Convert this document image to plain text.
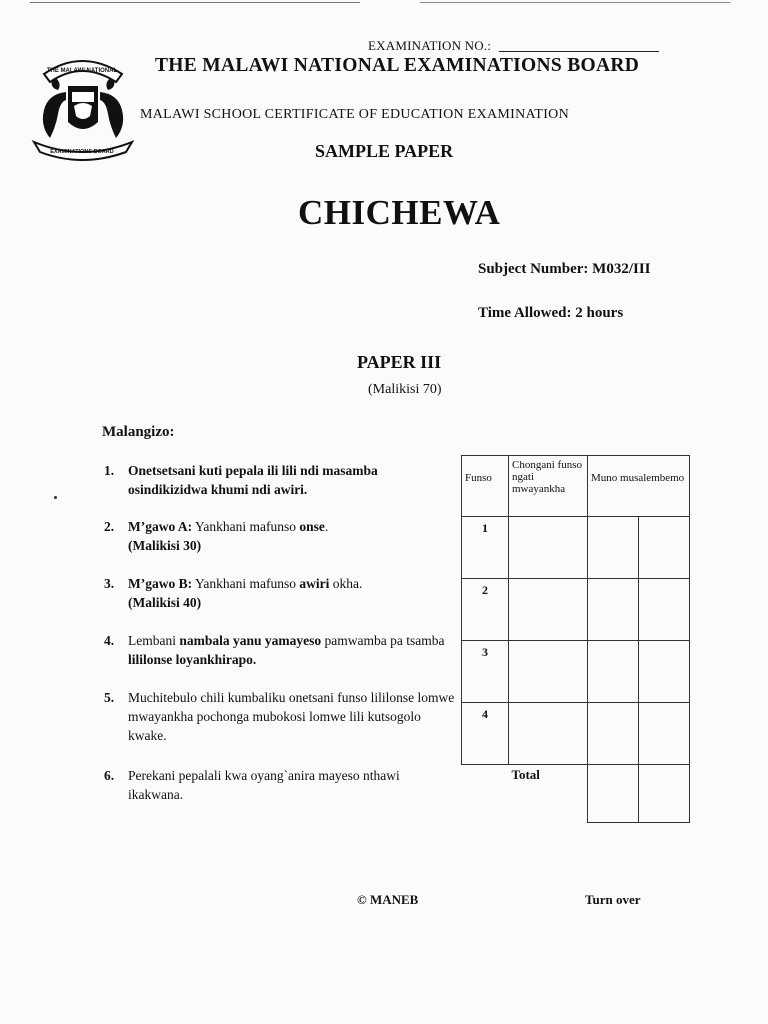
THE MALAWI NATIONAL
EXAMINATIONS BOARD
EXAMINATION NO.:
THE MALAWI NATIONAL EXAMINATIONS BOARD
MALAWI SCHOOL CERTIFICATE OF EDUCATION EXAMINATION
SAMPLE PAPER
CHICHEWA
Subject Number: M032/III
Time Allowed: 2 hours
PAPER III
(Malikisi 70)
Malangizo:
1. Onetsetsani kuti pepala ili lili ndi masamba osindikizidwa khumi ndi awiri.
2. M’gawo A: Yankhani mafunso onse.
(Malikisi 30)
3. M’gawo B: Yankhani mafunso awiri okha.
(Malikisi 40)
4. Lembani nambala yanu yamayeso pamwamba pa tsamba lililonse loyankhirapo.
5. Muchitebulo chili kumbaliku onetsani funso lililonse lomwe mwayankha pochonga mubokosi lomwe lili kutsogolo kwake.
6. Perekani pepalali kwa oyang`anira mayeso nthawi ikakwana.
Funso	Chongani funso ngati mwayankha	Muno musalembemo	
1			
2			
3			
4			
	Total		
© MANEB	Turn over
